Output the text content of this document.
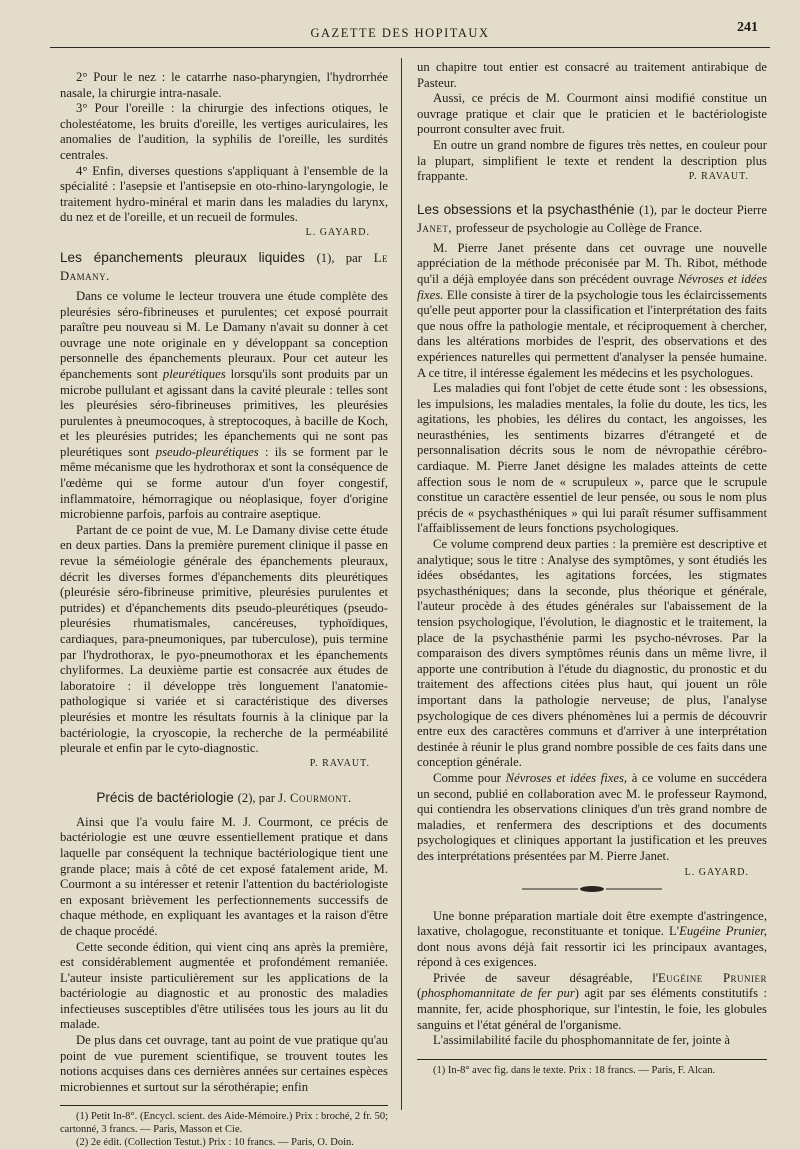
GAZETTE DES HOPITAUX	241

2° Pour le nez : le catarrhe naso-pharyngien, l'hydrorrhée nasale, la chirurgie intra-nasale.

3° Pour l'oreille : la chirurgie des infections otiques, le cholestéatome, les bruits d'oreille, les vertiges auriculaires, les anomalies de l'audition, la syphilis de l'oreille, les surdités centrales.

4° Enfin, diverses questions s'appliquant à l'ensemble de la spécialité : l'asepsie et l'antisepsie en oto-rhino-laryngologie, le traitement hydro-minéral et marin dans les maladies du larynx, du nez et de l'oreille, et un recueil de formules.

L. GAYARD.
Les épanchements pleuraux liquides (1), par Le Damany.

Dans ce volume le lecteur trouvera une étude complète des pleurésies séro-fibrineuses et purulentes; cet exposé pourrait paraître peu nouveau si M. Le Damany n'avait su donner à cet ouvrage une note originale en y développant sa conception personnelle des épanchements pleuraux. Pour cet auteur les épanchements sont pleurétiques lorsqu'ils sont produits par un microbe pullulant et agissant dans la cavité pleurale : telles sont les pleurésies séro-fibrineuses primitives, les pleurésies purulentes à pneumocoques, à streptocoques, à bacille de Koch, et les pleurésies putrides; les épanchements qui ne sont pas pleurétiques sont pseudo-pleurétiques : ils se forment par le même mécanisme que les hydrothorax et sont la conséquence de l'œdème qui se forme autour d'un foyer congestif, inflammatoire, hémorragique ou néoplasique, foyer d'origine microbienne parfois, parfois au contraire aseptique.

Partant de ce point de vue, M. Le Damany divise cette étude en deux parties. Dans la première purement clinique il passe en revue la séméiologie générale des épanchements pleuraux, décrit les diverses formes d'épanchements dits pleurétiques (pleurésie séro-fibrineuse primitive, pleurésies purulentes et putrides) et d'épanchements dits pseudo-pleurétiques (pseudo-pleurésies rhumatismales, cancéreuses, typhoïdiques, cardiaques, para-pneumoniques, par tuberculose), puis termine par l'hydrothorax, le pyo-pneumothorax et les épanchements chyliformes. La deuxième partie est consacrée aux études de laboratoire : il développe très longuement l'anatomie-pathologique si variée et si caractéristique des diverses pleurésies et montre les résultats fournis à la clinique par la bactériologie, la cryoscopie, la recherche de la perméabilité pleurale et enfin par le cyto-diagnostic.

P. RAVAUT.
Précis de bactériologie (2), par J. Courmont.

Ainsi que l'a voulu faire M. J. Courmont, ce précis de bactériologie est une œuvre essentiellement pratique et dans laquelle par conséquent la technique bactériologique tient une grande place; mais à côté de cet exposé fatalement aride, M. Courmont a su intéresser et retenir l'attention du bactériologiste en exposant brièvement les perfectionnements successifs de chaque méthode, en expliquant les avantages et la raison d'être de chaque procédé.

Cette seconde édition, qui vient cinq ans après la première, est considérablement augmentée et profondément remaniée. L'auteur insiste particulièrement sur les applications de la bactériologie au diagnostic et au pronostic des maladies infectieuses susceptibles d'être utilisées tous les jours au lit du malade.

De plus dans cet ouvrage, tant au point de vue pratique qu'au point de vue purement scientifique, se trouvent toutes les notions acquises dans ces dernières années sur certaines espèces microbiennes et surtout sur la sérothérapie; enfin

(1) Petit In-8°. (Encycl. scient. des Aide-Mémoire.) Prix : broché, 2 fr. 50; cartonné, 3 francs. — Paris, Masson et Cie.

(2) 2e édit. (Collection Testut.) Prix : 10 francs. — Paris, O. Doin.

un chapitre tout entier est consacré au traitement antirabique de Pasteur.

Aussi, ce précis de M. Courmont ainsi modifié constitue un ouvrage pratique et clair que le praticien et le bactériologiste pourront consulter avec fruit.

En outre un grand nombre de figures très nettes, en couleur pour la plupart, simplifient le texte et rendent la description plus frappante.	P. RAVAUT.

Les obsessions et la psychasthénie (1), par le docteur Pierre Janet, professeur de psychologie au Collège de France.

M. Pierre Janet présente dans cet ouvrage une nouvelle appréciation de la méthode préconisée par M. Th. Ribot, méthode qu'il a déjà employée dans son précédent ouvrage Névroses et idées fixes. Elle consiste à tirer de la psychologie tous les éclaircissements qu'elle peut apporter pour la classification et l'interprétation des faits que nous offre la pathologie mentale, et réciproquement à chercher, dans les altérations morbides de l'esprit, des observations et des expériences naturelles qui permettent d'analyser la pensée humaine. A ce titre, il intéresse également les médecins et les psychologues.

Les maladies qui font l'objet de cette étude sont : les obsessions, les impulsions, les maladies mentales, la folie du doute, les tics, les agitations, les phobies, les délires du contact, les angoisses, les neurasthénies, les sentiments bizarres d'étrangeté et de personnalisation décrits sous le nom de névropathie cérébro-cardiaque. M. Pierre Janet désigne les malades atteints de cette affection sous le nom de « scrupuleux », parce que le scrupule constitue un caractère essentiel de leur pensée, ou sous le nom plus précis de « psychasthéniques » qui lui paraît résumer suffisamment l'affaiblissement de leurs fonctions psychologiques.

Ce volume comprend deux parties : la première est descriptive et analytique; sous le titre : Analyse des symptômes, y sont étudiés les idées obsédantes, les agitations forcées, les stigmates psychasthéniques; dans la seconde, plus théorique et générale, l'auteur procède à des études générales sur l'abaissement de la tension psychologique, l'évolution, le diagnostic et le traitement, la place de la psychasthénie parmi les psycho-névroses. Par la comparaison des divers symptômes réunis dans un même livre, il apporte une contribution à l'étude du diagnostic, du pronostic et du traitement des affections citées plus haut, qui jouent un rôle important dans la pathologie nerveuse; de plus, l'analyse psychologique de ces divers phénomènes lui a permis de découvrir entre eux des caractères communs et d'arriver à une interprétation destinée à réunir le plus grand nombre possible de ces faits dans une conception générale.

Comme pour Névroses et idées fixes, à ce volume en succédera un second, publié en collaboration avec M. le professeur Raymond, qui contiendra les observations cliniques d'un très grand nombre de maladies, et renfermera des descriptions et des documents psychologiques et cliniques apportant la justification et les preuves des interprétations présentées par M. Pierre Janet.
L. GAYARD.

Une bonne préparation martiale doit être exempte d'astringence, laxative, cholagogue, reconstituante et tonique. L'Eugéine Prunier, dont nous avons déjà fait ressortir ici les principaux avantages, répond à ces exigences.

Privée de saveur désagréable, l'Eugéine Prunier (phosphomannitate de fer pur) agit par ses éléments constitutifs : mannite, fer, acide phosphorique, sur l'intestin, le foie, les globules sanguins et l'état général de l'organisme.

L'assimilabilité facile du phosphomannitate de fer, jointe à

(1) In-8° avec fig. dans le texte. Prix : 18 francs. — Paris, F. Alcan.
